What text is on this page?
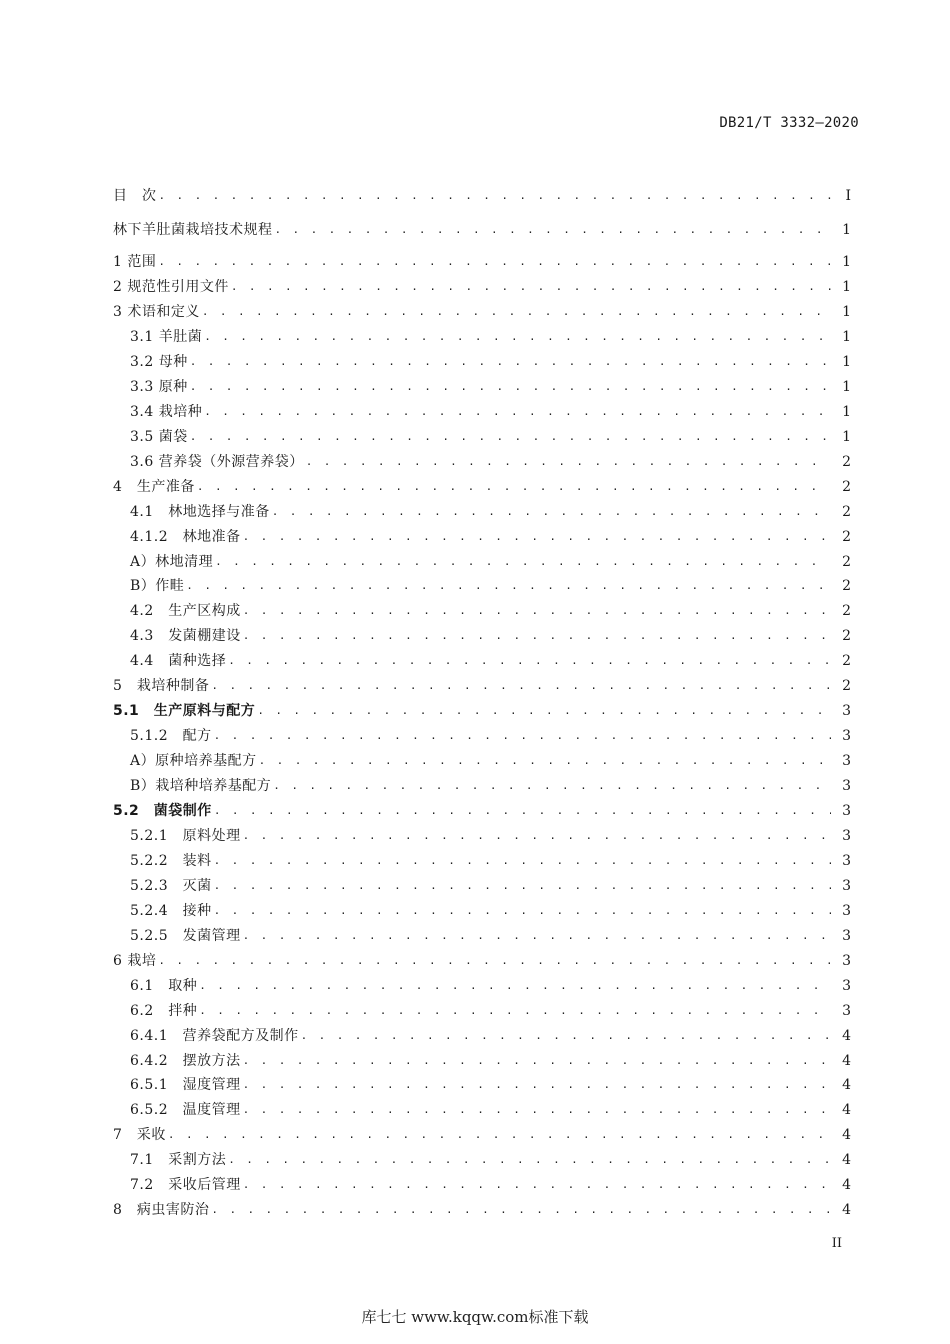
DB21/T 3332—2020
目　次 . . .	I
林下羊肚菌栽培技术规程 . . .	1
1 范围 . . .	1
2 规范性引用文件 . . .	1
3 术语和定义 . . .	1
3.1 羊肚菌 . . .	1
3.2 母种 . . .	1
3.3 原种 . . .	1
3.4 栽培种 . . .	1
3.5 菌袋 . . .	1
3.6 营养袋（外源营养袋） . . .	2
4　生产准备 . . .	2
4.1　林地选择与准备 . . .	2
4.1.2　林地准备 . . .	2
A）林地清理 . . .	2
B）作畦 . . .	2
4.2　生产区构成 . . .	2
4.3　发菌棚建设 . . .	2
4.4　菌种选择 . . .	2
5　栽培种制备 . . .	2
5.1　生产原料与配方 . . .	3
5.1.2　配方 . . .	3
A）原种培养基配方 . . .	3
B）栽培种培养基配方 . . .	3
5.2　菌袋制作 . . .	3
5.2.1　原料处理 . . .	3
5.2.2　装料 . . .	3
5.2.3　灭菌 . . .	3
5.2.4　接种 . . .	3
5.2.5　发菌管理 . . .	3
6 栽培 . . .	3
6.1　取种 . . .	3
6.2　拌种 . . .	3
6.4.1　营养袋配方及制作 . . .	4
6.4.2　摆放方法 . . .	4
6.5.1　湿度管理 . . .	4
6.5.2　温度管理 . . .	4
7　采收 . . .	4
7.1　采割方法 . . .	4
7.2　采收后管理 . . .	4
8　病虫害防治 . . .	4
II
库七七 www.kqqw.com标准下载
